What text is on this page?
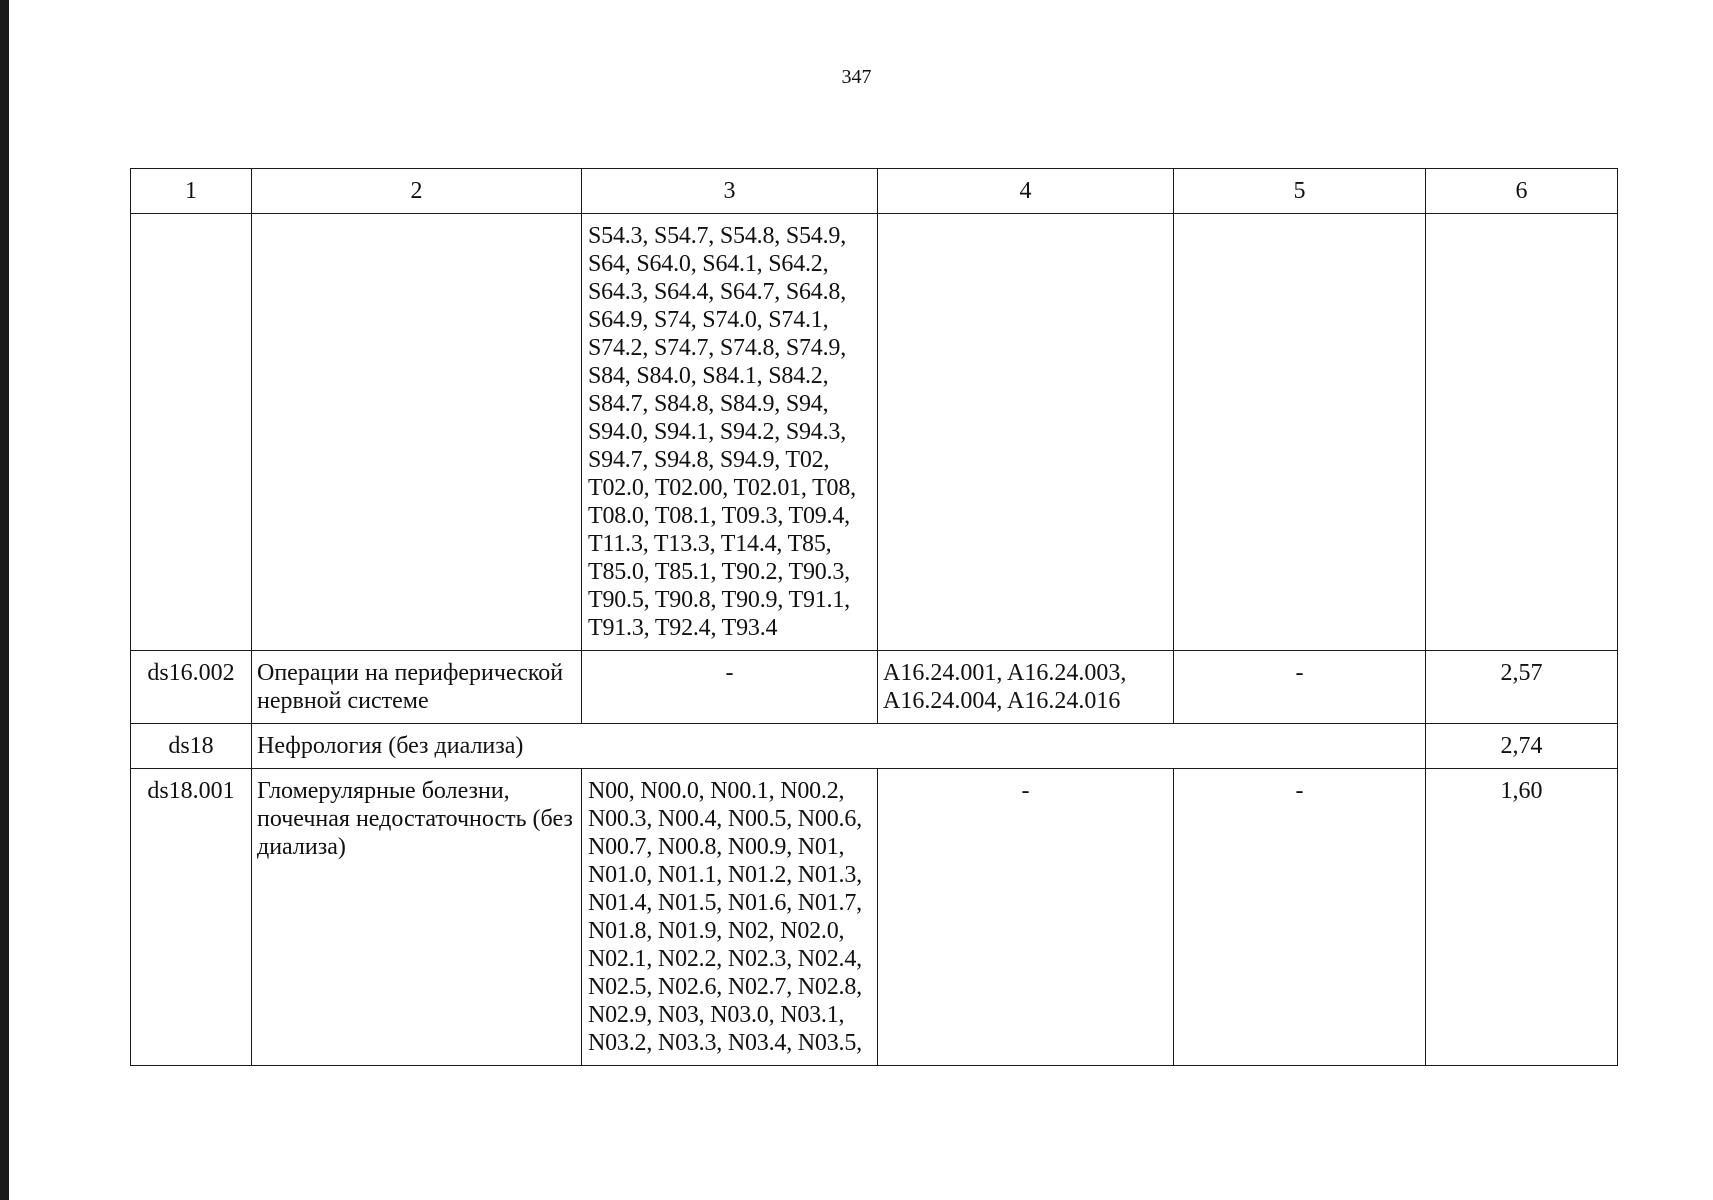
347
1	2	3	4	5	6
		S54.3, S54.7, S54.8, S54.9, S64, S64.0, S64.1, S64.2, S64.3, S64.4, S64.7, S64.8, S64.9, S74, S74.0, S74.1, S74.2, S74.7, S74.8, S74.9, S84, S84.0, S84.1, S84.2, S84.7, S84.8, S84.9, S94, S94.0, S94.1, S94.2, S94.3, S94.7, S94.8, S94.9, T02, T02.0, T02.00, T02.01, T08, T08.0, T08.1, T09.3, T09.4, T11.3, T13.3, T14.4, T85, T85.0, T85.1, T90.2, T90.3, T90.5, T90.8, T90.9, T91.1, T91.3, T92.4, T93.4			
ds16.002	Операции на периферической нервной системе	-	A16.24.001, A16.24.003, A16.24.004, A16.24.016	-	2,57
ds18	Нефрология (без диализа)				2,74
ds18.001	Гломерулярные болезни, почечная недостаточность (без диализа)	N00, N00.0, N00.1, N00.2, N00.3, N00.4, N00.5, N00.6, N00.7, N00.8, N00.9, N01, N01.0, N01.1, N01.2, N01.3, N01.4, N01.5, N01.6, N01.7, N01.8, N01.9, N02, N02.0, N02.1, N02.2, N02.3, N02.4, N02.5, N02.6, N02.7, N02.8, N02.9, N03, N03.0, N03.1, N03.2, N03.3, N03.4, N03.5,	-	-	1,60
